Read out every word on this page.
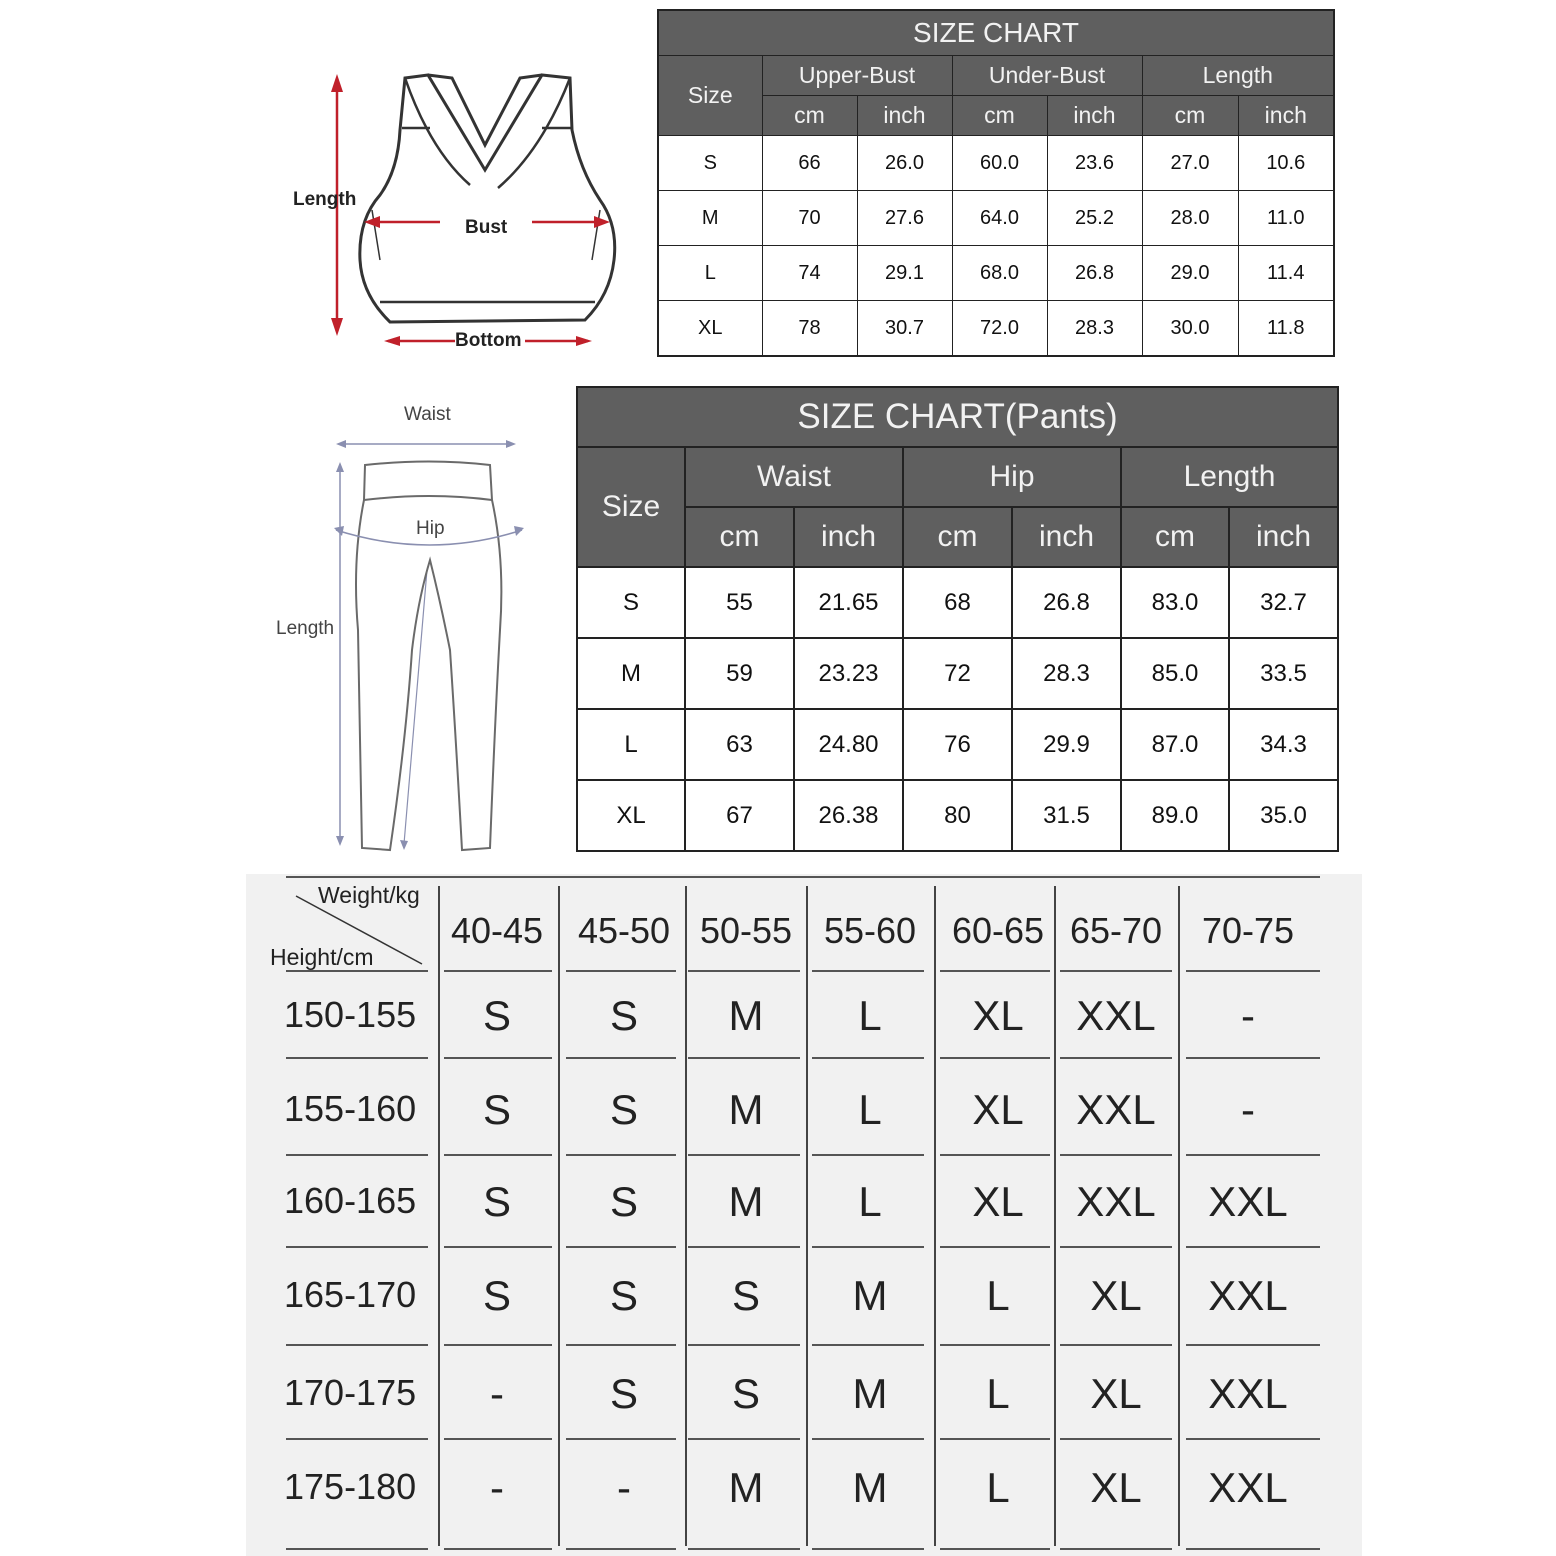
Length
Bust
Bottom
SIZE CHART						
Size	Upper-Bust		Under-Bust		Length	
	cm	inch	cm	inch	cm	inch
S	66	26.0	60.0	23.6	27.0	10.6
M	70	27.6	64.0	25.2	28.0	11.0
L	74	29.1	68.0	26.8	29.0	11.4
XL	78	30.7	72.0	28.3	30.0	11.8
Waist
Hip
Length
SIZE CHART(Pants)						
Size	Waist		Hip		Length	
	cm	inch	cm	inch	cm	inch
S	55	21.65	68	26.8	83.0	32.7
M	59	23.23	72	28.3	85.0	33.5
L	63	24.80	76	29.9	87.0	34.3
XL	67	26.38	80	31.5	89.0	35.0
40-45 45-50 50-55 55-60 60-65 65-70 70-75
150-155 S S M L XL XXL -
155-160 S S M L XL XXL -
160-165 S S M L XL XXL XXL
165-170 S S S M L XL XXL
170-175 -	S S M L XL XXL
175-180 -	- M M L XL XXL
Weight/kg
Height/cm
